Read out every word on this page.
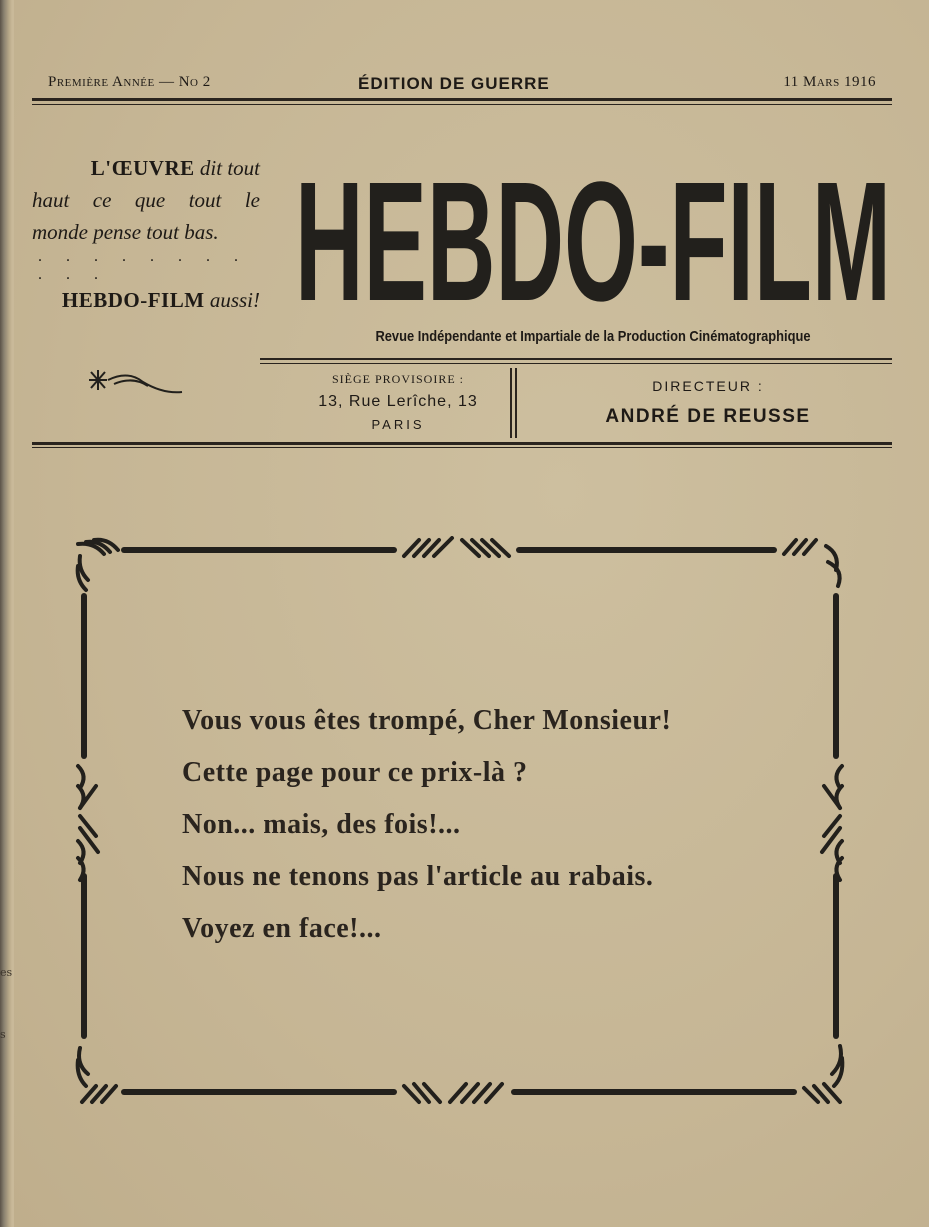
es
s
Première Année — No 2	ÉDITION DE GUERRE	11 Mars 1916
L'ŒUVRE dit tout
haut ce que tout le
monde pense tout bas.
. . . . . . . . . . .
HEBDO-FILM aussi! HEBDO-FILM
Revue Indépendante et Impartiale de la Production Cinématographique
SIÈGE PROVISOIRE :
13, Rue Lerîche, 13
PARIS
DIRECTEUR :
ANDRÉ DE REUSSE
Vous vous êtes trompé, Cher Monsieur!
Cette page pour ce prix-là ?
Non... mais, des fois!...
Nous ne tenons pas l'article au rabais.
Voyez en face!...
